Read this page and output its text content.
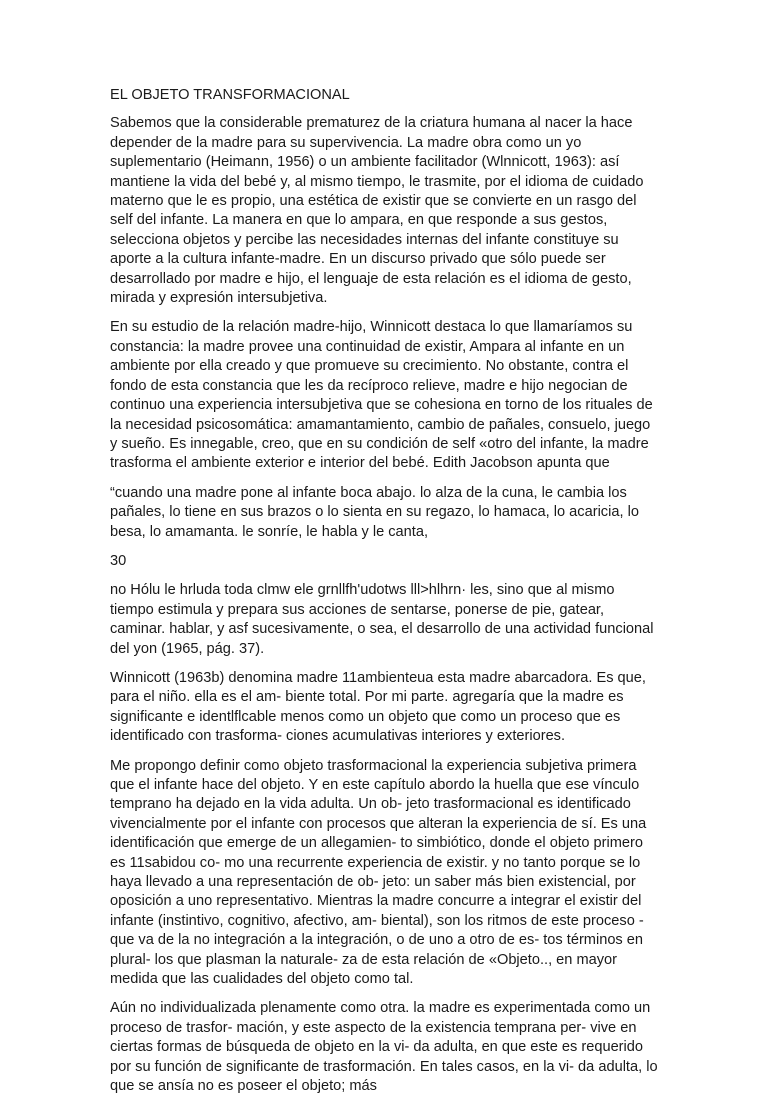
EL OBJETO TRANSFORMACIONAL

Sabemos que la considerable prematurez de la criatura humana al nacer la hace depender de la madre para su supervivencia. La madre obra como un yo suplementario (Heimann, 1956) o un ambiente facilitador (Wlnnicott, 1963): así mantiene la vida del bebé y, al mismo tiempo, le trasmite, por el idioma de cuidado materno que le es propio, una estética de existir que se convierte en un rasgo del self del infante. La manera en que lo ampara, en que responde a sus gestos, selecciona objetos y percibe las necesidades internas del infante constituye su aporte a la cultura infante-madre. En un discurso privado que sólo puede ser desarrollado por madre e hijo, el lenguaje de esta relación es el idioma de gesto, mirada y expresión intersubjetiva.

En su estudio de la relación madre-hijo, Winnicott destaca lo que llamaríamos su constancia: la madre provee una continuidad de existir, Ampara al infante en un ambiente por ella creado y que promueve su crecimiento. No obstante, contra el fondo de esta constancia que les da recíproco relieve, madre e hijo negocian de continuo una experiencia intersubjetiva que se cohesiona en torno de los rituales de la necesidad psicosomática: amamantamiento, cambio de pañales, consuelo, juego y sueño. Es innegable, creo, que en su condición de self «otro del infante, la madre trasforma el ambiente exterior e interior del bebé. Edith Jacobson apunta que

“cuando una madre pone al infante boca abajo. lo alza de la cuna, le cambia los pañales, lo tiene en sus brazos o lo sienta en su regazo, lo hamaca, lo acaricia, lo besa, lo amamanta. le sonríe, le habla y le canta,

30

no Hólu le hrluda toda clmw ele grnllfh'udotws lll>hlhrn· les, sino que al mismo tiempo estimula y prepara sus acciones de sentarse, ponerse de pie, gatear, caminar. hablar, y asf sucesivamente, o sea, el desarrollo de una actividad funcional del yon (1965, pág. 37).

Winnicott (1963b) denomina madre 11ambienteua esta madre abarcadora. Es que, para el niño. ella es el am- biente total. Por mi parte. agregaría que la madre es significante e identlflcable menos como un objeto que como un proceso que es identificado con trasforma- ciones acumulativas interiores y exteriores.

Me propongo definir como objeto trasformacional la experiencia subjetiva primera que el infante hace del objeto. Y en este capítulo abordo la huella que ese vínculo temprano ha dejado en la vida adulta. Un ob- jeto trasformacional es identificado vivencialmente por el infante con procesos que alteran la experiencia de sí. Es una identificación que emerge de un allegamien- to simbiótico, donde el objeto primero es 11sabidou co- mo una recurrente experiencia de existir. y no tanto porque se lo haya llevado a una representación de ob- jeto: un saber más bien existencial, por oposición a uno representativo. Mientras la madre concurre a integrar el existir del infante (instintivo, cognitivo, afectivo, am- biental), son los ritmos de este proceso -que va de la no integración a la integración, o de uno a otro de es- tos términos en plural- los que plasman la naturale- za de esta relación de «Objeto.., en mayor medida que las cualidades del objeto como tal.

Aún no individualizada plenamente como otra. la madre es experimentada como un proceso de trasfor- mación, y este aspecto de la existencia temprana per- vive en ciertas formas de búsqueda de objeto en la vi- da adulta, en que este es requerido por su función de significante de trasformación. En tales casos, en la vi- da adulta, lo que se ansía no es poseer el objeto; más
